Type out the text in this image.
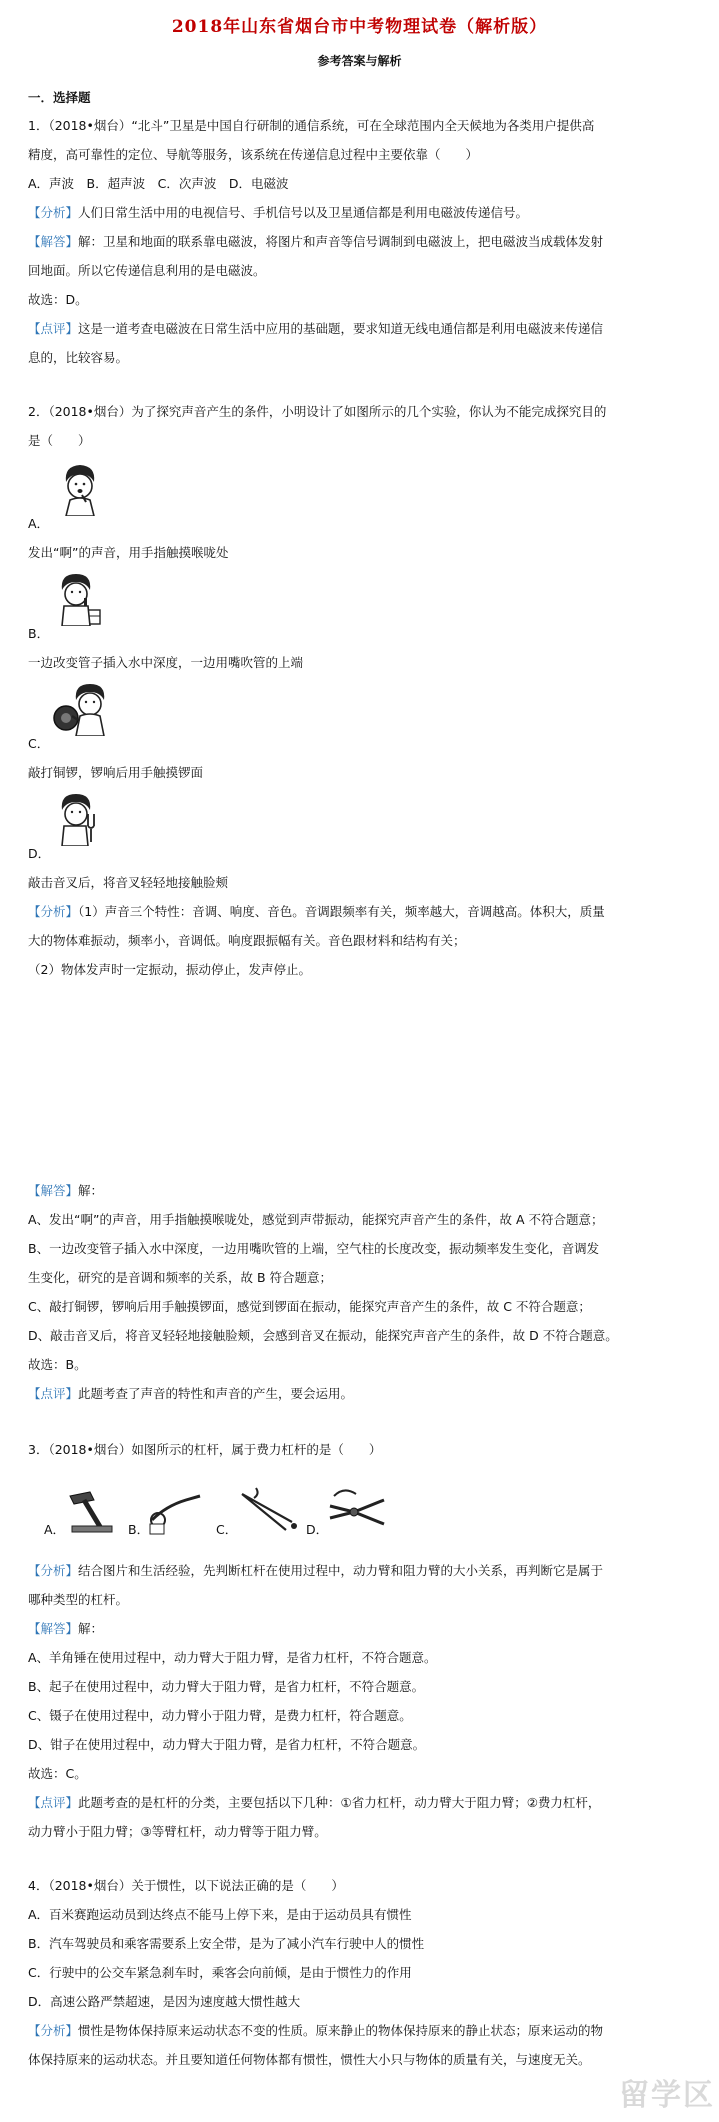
2018年山东省烟台市中考物理试卷（解析版）
参考答案与解析
一．选择题
1．（2018•烟台）“北斗”卫星是中国自行研制的通信系统，可在全球范围内全天候地为各类用户提供高
精度，高可靠性的定位、导航等服务，该系统在传递信息过程中主要依靠（　　）
A．声波　B．超声波　C．次声波　D．电磁波
【分析】人们日常生活中用的电视信号、手机信号以及卫星通信都是利用电磁波传递信号。
【解答】解：卫星和地面的联系靠电磁波，将图片和声音等信号调制到电磁波上，把电磁波当成载体发射
回地面。所以它传递信息利用的是电磁波。
故选：D。
【点评】这是一道考查电磁波在日常生活中应用的基础题，要求知道无线电通信都是利用电磁波来传递信
息的，比较容易。
2．（2018•烟台）为了探究声音产生的条件，小明设计了如图所示的几个实验，你认为不能完成探究目的
是（　　）
A．
发出“啊”的声音，用手指触摸喉咙处
B．
一边改变管子插入水中深度，一边用嘴吹管的上端
C．
敲打铜锣，锣响后用手触摸锣面
D．
敲击音叉后，将音叉轻轻地接触脸颊
【分析】（1）声音三个特性：音调、响度、音色。音调跟频率有关，频率越大，音调越高。体积大，质量
大的物体难振动，频率小，音调低。响度跟振幅有关。音色跟材料和结构有关；
（2）物体发声时一定振动，振动停止，发声停止。
【解答】解：
A、发出“啊”的声音，用手指触摸喉咙处，感觉到声带振动，能探究声音产生的条件，故 A 不符合题意；
B、一边改变管子插入水中深度，一边用嘴吹管的上端，空气柱的长度改变，振动频率发生变化，音调发
生变化，研究的是音调和频率的关系，故 B 符合题意；
C、敲打铜锣，锣响后用手触摸锣面，感觉到锣面在振动，能探究声音产生的条件，故 C 不符合题意；
D、敲击音叉后，将音叉轻轻地接触脸颊，会感到音叉在振动，能探究声音产生的条件，故 D 不符合题意。
故选：B。
【点评】此题考查了声音的特性和声音的产生，要会运用。
3．（2018•烟台）如图所示的杠杆，属于费力杠杆的是（　　）
A．	B．	C．	D．
【分析】结合图片和生活经验，先判断杠杆在使用过程中，动力臂和阻力臂的大小关系，再判断它是属于
哪种类型的杠杆。
【解答】解：
A、羊角锤在使用过程中，动力臂大于阻力臂，是省力杠杆，不符合题意。
B、起子在使用过程中，动力臂大于阻力臂，是省力杠杆，不符合题意。
C、镊子在使用过程中，动力臂小于阻力臂，是费力杠杆，符合题意。
D、钳子在使用过程中，动力臂大于阻力臂，是省力杠杆，不符合题意。
故选：C。
【点评】此题考查的是杠杆的分类，主要包括以下几种：①省力杠杆，动力臂大于阻力臂；②费力杠杆，
动力臂小于阻力臂；③等臂杠杆，动力臂等于阻力臂。
4．（2018•烟台）关于惯性，以下说法正确的是（　　）
A．百米赛跑运动员到达终点不能马上停下来，是由于运动员具有惯性
B．汽车驾驶员和乘客需要系上安全带，是为了减小汽车行驶中人的惯性
C．行驶中的公交车紧急刹车时，乘客会向前倾，是由于惯性力的作用
D．高速公路严禁超速，是因为速度越大惯性越大
【分析】惯性是物体保持原来运动状态不变的性质。原来静止的物体保持原来的静止状态；原来运动的物
体保持原来的运动状态。并且要知道任何物体都有惯性，惯性大小只与物体的质量有关，与速度无关。
留学区
